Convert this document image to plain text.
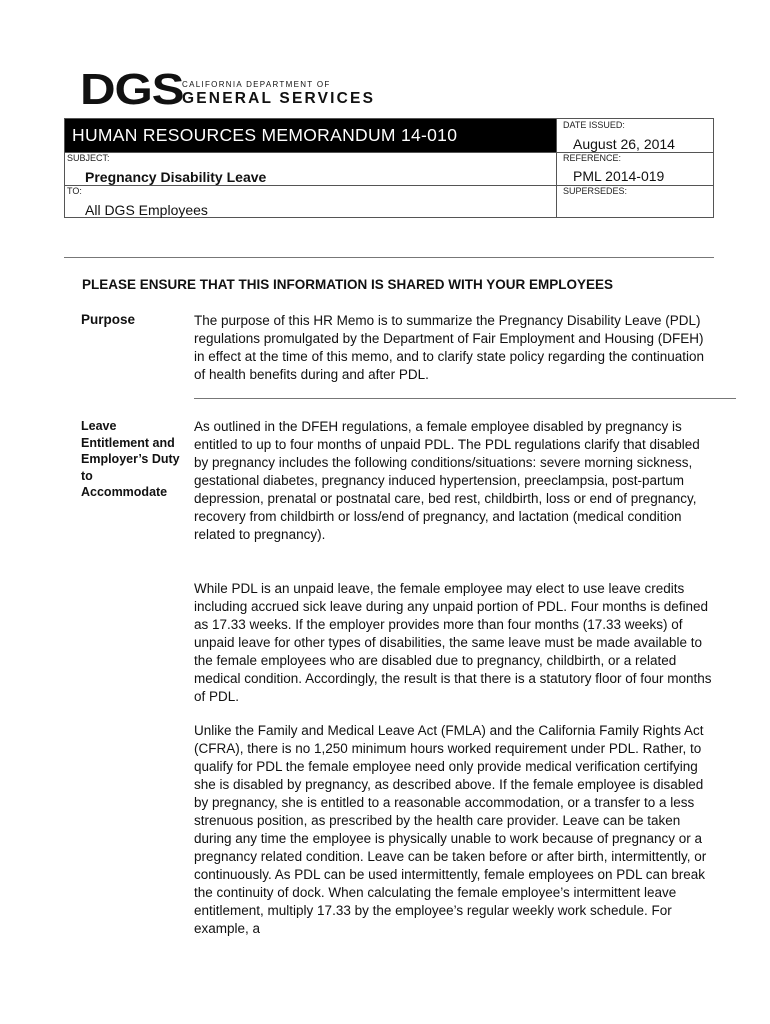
DGS
CALIFORNIA DEPARTMENT OF
GENERAL SERVICES
HUMAN RESOURCES MEMORANDUM 14-010	DATE ISSUED:
August 26, 2014
SUBJECT:
Pregnancy Disability Leave
REFERENCE:
PML 2014-019
TO:
All DGS Employees
SUPERSEDES:
PLEASE ENSURE THAT THIS INFORMATION IS SHARED WITH YOUR EMPLOYEES
Purpose	The purpose of this HR Memo is to summarize the Pregnancy Disability Leave (PDL) regulations promulgated by the Department of Fair Employment and Housing (DFEH) in effect at the time of this memo, and to clarify state policy regarding the continuation of health benefits during and after PDL.
Leave Entitlement and Employer’s Duty to Accommodate
As outlined in the DFEH regulations, a female employee disabled by pregnancy is entitled to up to four months of unpaid PDL. The PDL regulations clarify that disabled by pregnancy includes the following conditions/situations: severe morning sickness, gestational diabetes, pregnancy induced hypertension, preeclampsia, post-partum depression, prenatal or postnatal care, bed rest, childbirth, loss or end of pregnancy, recovery from childbirth or loss/end of pregnancy, and lactation (medical condition related to pregnancy).
While PDL is an unpaid leave, the female employee may elect to use leave credits including accrued sick leave during any unpaid portion of PDL. Four months is defined as 17.33 weeks. If the employer provides more than four months (17.33 weeks) of unpaid leave for other types of disabilities, the same leave must be made available to the female employees who are disabled due to pregnancy, childbirth, or a related medical condition. Accordingly, the result is that there is a statutory floor of four months of PDL.
Unlike the Family and Medical Leave Act (FMLA) and the California Family Rights Act (CFRA), there is no 1,250 minimum hours worked requirement under PDL. Rather, to qualify for PDL the female employee need only provide medical verification certifying she is disabled by pregnancy, as described above. If the female employee is disabled by pregnancy, she is entitled to a reasonable accommodation, or a transfer to a less strenuous position, as prescribed by the health care provider. Leave can be taken during any time the employee is physically unable to work because of pregnancy or a pregnancy related condition. Leave can be taken before or after birth, intermittently, or continuously. As PDL can be used intermittently, female employees on PDL can break the continuity of dock. When calculating the female employee’s intermittent leave entitlement, multiply 17.33 by the employee’s regular weekly work schedule. For example, a
